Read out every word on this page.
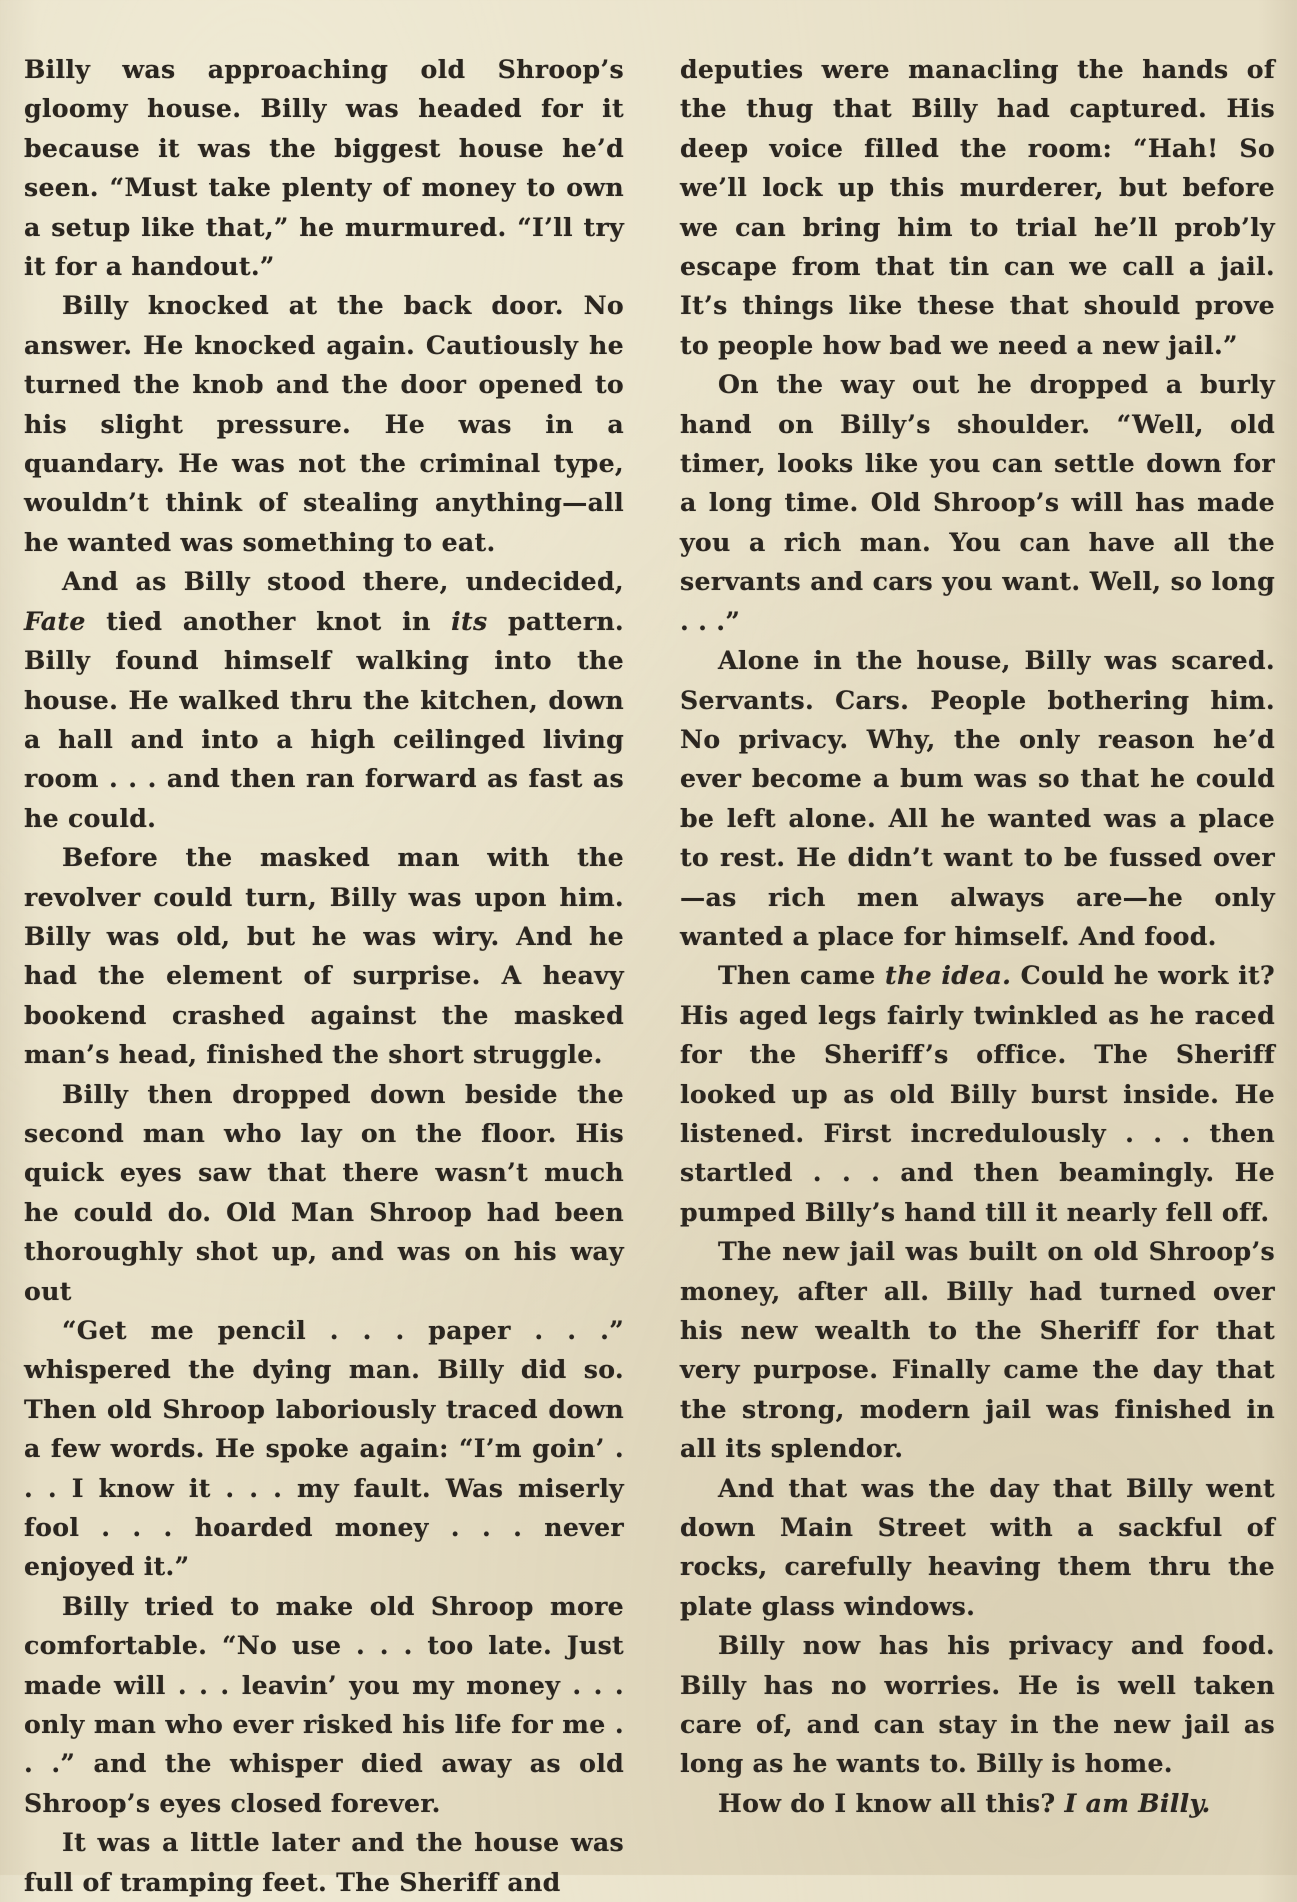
Billy was approaching old Shroop’s gloomy house. Billy was headed for it because it was the biggest house he’d seen. “Must take plenty of money to own a setup like that,” he murmured. “I’ll try it for a handout.”

Billy knocked at the back door. No answer. He knocked again. Cautiously he turned the knob and the door opened to his slight pressure. He was in a quandary. He was not the criminal type, wouldn’t think of stealing anything—all he wanted was something to eat.

And as Billy stood there, undecided, Fate tied another knot in its pattern. Billy found himself walking into the house. He walked thru the kitchen, down a hall and into a high ceilinged living room . . . and then ran forward as fast as he could.

Before the masked man with the revolver could turn, Billy was upon him. Billy was old, but he was wiry. And he had the element of surprise. A heavy bookend crashed against the masked man’s head, finished the short struggle.

Billy then dropped down beside the second man who lay on the floor. His quick eyes saw that there wasn’t much he could do. Old Man Shroop had been thoroughly shot up, and was on his way out

“Get me pencil . . . paper . . .” whispered the dying man. Billy did so. Then old Shroop laboriously traced down a few words. He spoke again: “I’m goin’ . . . I know it . . . my fault. Was miserly fool . . . hoarded money . . . never enjoyed it.”

Billy tried to make old Shroop more comfortable. “No use . . . too late. Just made will . . . leavin’ you my money . . . only man who ever risked his life for me . . .” and the whisper died away as old Shroop’s eyes closed forever.

It was a little later and the house was full of tramping feet. The Sheriff and

deputies were manacling the hands of the thug that Billy had captured. His deep voice filled the room: “Hah! So we’ll lock up this murderer, but before we can bring him to trial he’ll prob’ly escape from that tin can we call a jail. It’s things like these that should prove to people how bad we need a new jail.”

On the way out he dropped a burly hand on Billy’s shoulder. “Well, old timer, looks like you can settle down for a long time. Old Shroop’s will has made you a rich man. You can have all the servants and cars you want. Well, so long . . .”

Alone in the house, Billy was scared. Servants. Cars. People bothering him. No privacy. Why, the only reason he’d ever become a bum was so that he could be left alone. All he wanted was a place to rest. He didn’t want to be fussed over—as rich men always are—he only wanted a place for himself. And food.

Then came the idea. Could he work it? His aged legs fairly twinkled as he raced for the Sheriff’s office. The Sheriff looked up as old Billy burst inside. He listened. First incredulously . . . then startled . . . and then beamingly. He pumped Billy’s hand till it nearly fell off.

The new jail was built on old Shroop’s money, after all. Billy had turned over his new wealth to the Sheriff for that very purpose. Finally came the day that the strong, modern jail was finished in all its splendor.

And that was the day that Billy went down Main Street with a sackful of rocks, carefully heaving them thru the plate glass windows.

Billy now has his privacy and food. Billy has no worries. He is well taken care of, and can stay in the new jail as long as he wants to. Billy is home.

How do I know all this? I am Billy.
